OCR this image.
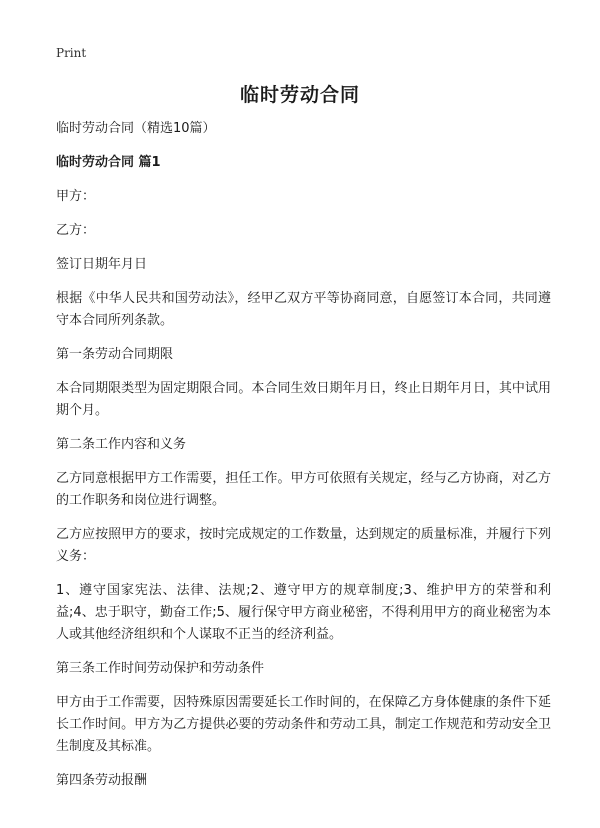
Print
临时劳动合同

临时劳动合同（精选10篇）

临时劳动合同 篇1

甲方：

乙方：

签订日期年月日

根据《中华人民共和国劳动法》，经甲乙双方平等协商同意，自愿签订本合同，共同遵守本合同所列条款。

第一条劳动合同期限

本合同期限类型为固定期限合同。本合同生效日期年月日，终止日期年月日，其中试用期个月。

第二条工作内容和义务

乙方同意根据甲方工作需要，担任工作。甲方可依照有关规定，经与乙方协商，对乙方的工作职务和岗位进行调整。

乙方应按照甲方的要求，按时完成规定的工作数量，达到规定的质量标准，并履行下列义务：

1、遵守国家宪法、法律、法规;2、遵守甲方的规章制度;3、维护甲方的荣誉和利益;4、忠于职守，勤奋工作;5、履行保守甲方商业秘密，不得利用甲方的商业秘密为本人或其他经济组织和个人谋取不正当的经济利益。

第三条工作时间劳动保护和劳动条件

甲方由于工作需要，因特殊原因需要延长工作时间的，在保障乙方身体健康的条件下延长工作时间。甲方为乙方提供必要的劳动条件和劳动工具，制定工作规范和劳动安全卫生制度及其标准。

第四条劳动报酬
